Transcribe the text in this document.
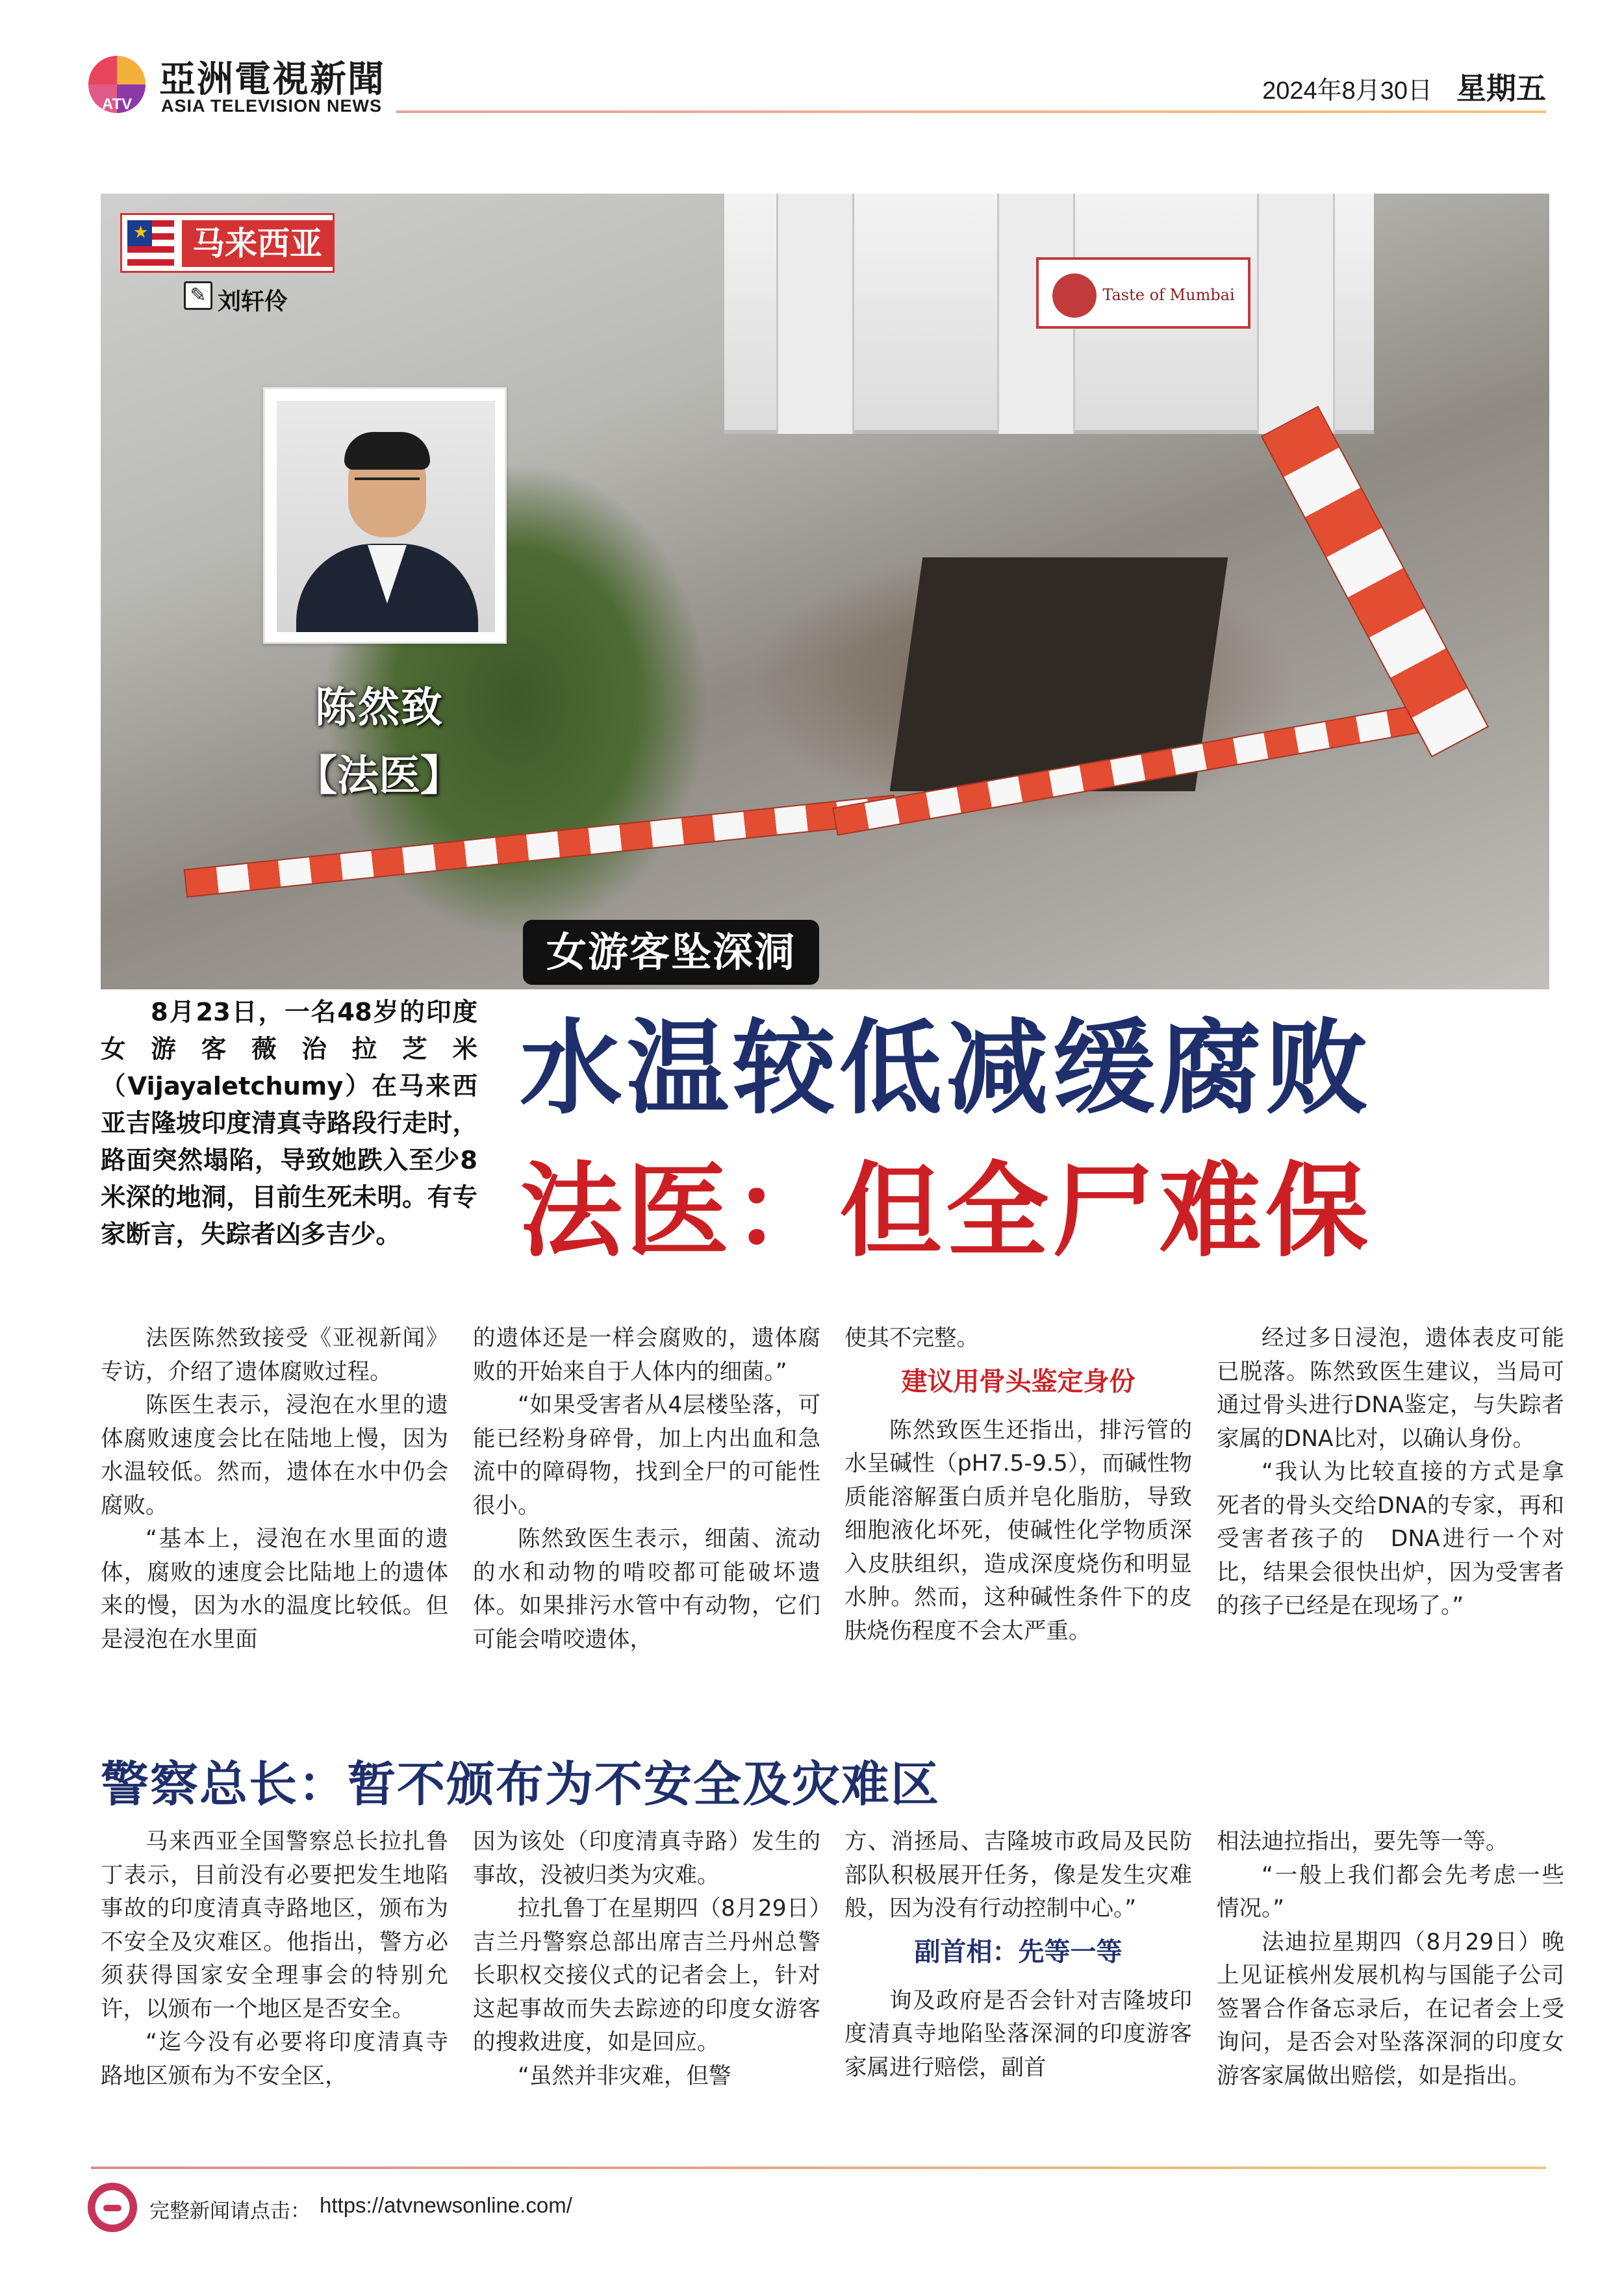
ATV
亞洲電視新聞
ASIA TELEVISION NEWS
2024年8月30日 星期五
Taste of Mumbai
★	马来西亚
✎ 刘轩伶
陈然致
【法医】
女游客坠深洞

8月23日，一名48岁的印度女游客薇治拉芝米（Vijayaletchumy）在马来西亚吉隆坡印度清真寺路段行走时，路面突然塌陷，导致她跌入至少8米深的地洞，目前生死未明。有专家断言，失踪者凶多吉少。

水温较低减缓腐败
法医：但全尸难保

法医陈然致接受《亚视新闻》专访，介绍了遗体腐败过程。

陈医生表示，浸泡在水里的遗体腐败速度会比在陆地上慢，因为水温较低。然而，遗体在水中仍会腐败。

“基本上，浸泡在水里面的遗体，腐败的速度会比陆地上的遗体来的慢，因为水的温度比较低。但是浸泡在水里面

的遗体还是一样会腐败的，遗体腐败的开始来自于人体内的细菌。”

“如果受害者从4层楼坠落，可能已经粉身碎骨，加上内出血和急流中的障碍物，找到全尸的可能性很小。

陈然致医生表示，细菌、流动的水和动物的啃咬都可能破坏遗体。如果排污水管中有动物，它们可能会啃咬遗体，

使其不完整。

建议用骨头鉴定身份

陈然致医生还指出，排污管的水呈碱性（pH7.5-9.5），而碱性物质能溶解蛋白质并皂化脂肪，导致细胞液化坏死，使碱性化学物质深入皮肤组织，造成深度烧伤和明显水肿。然而，这种碱性条件下的皮肤烧伤程度不会太严重。

经过多日浸泡，遗体表皮可能已脱落。陈然致医生建议，当局可通过骨头进行DNA鉴定，与失踪者家属的DNA比对，以确认身份。

“我认为比较直接的方式是拿死者的骨头交给DNA的专家，再和受害者孩子的　DNA进行一个对比，结果会很快出炉，因为受害者的孩子已经是在现场了。”

警察总长：暂不颁布为不安全及灾难区

马来西亚全国警察总长拉扎鲁丁表示，目前没有必要把发生地陷事故的印度清真寺路地区，颁布为不安全及灾难区。他指出，警方必须获得国家安全理事会的特别允许，以颁布一个地区是否安全。

“迄今没有必要将印度清真寺路地区颁布为不安全区，

因为该处（印度清真寺路）发生的事故，没被归类为灾难。

拉扎鲁丁在星期四（8月29日）吉兰丹警察总部出席吉兰丹州总警长职权交接仪式的记者会上，针对这起事故而失去踪迹的印度女游客的搜救进度，如是回应。

“虽然并非灾难，但警

方、消拯局、吉隆坡市政局及民防部队积极展开任务，像是发生灾难般，因为没有行动控制中心。”

副首相：先等一等

询及政府是否会针对吉隆坡印度清真寺地陷坠落深洞的印度游客家属进行赔偿，副首

相法迪拉指出，要先等一等。

“一般上我们都会先考虑一些情况。”

法迪拉星期四（8月29日）晚上见证槟州发展机构与国能子公司签署合作备忘录后，在记者会上受询问，是否会对坠落深洞的印度女游客家属做出赔偿，如是指出。

完整新闻请点击： https://atvnewsonline.com/
